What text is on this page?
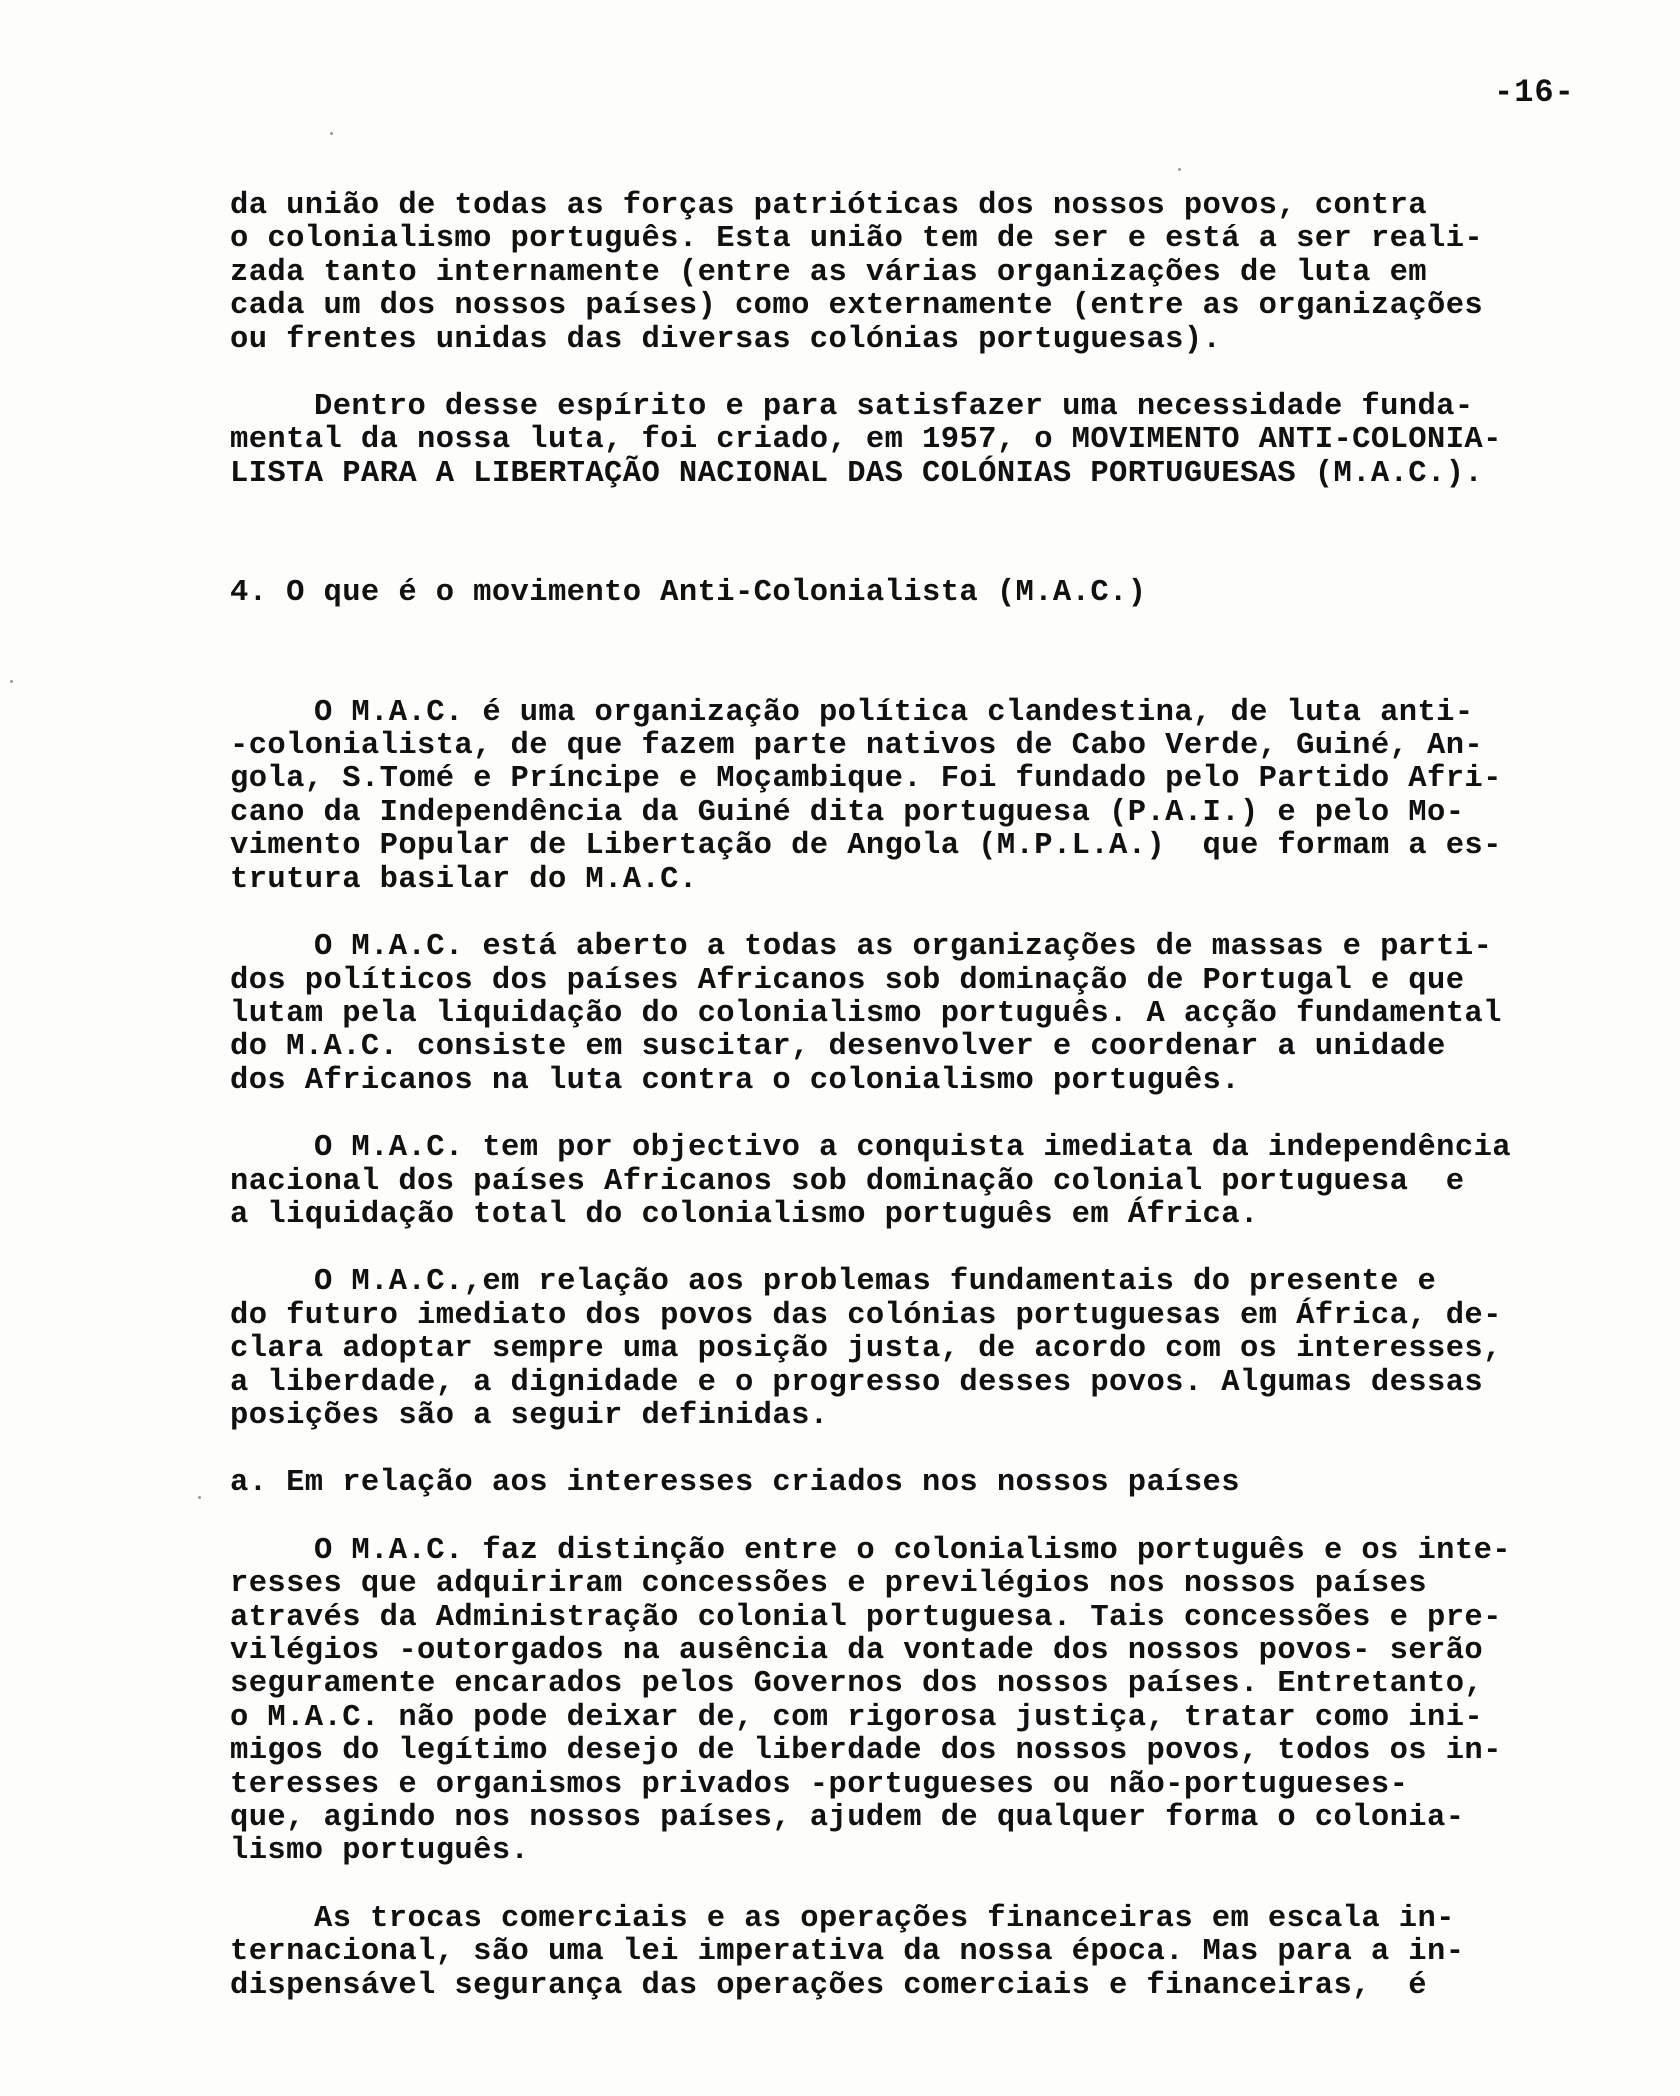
-16-

da união de todas as forças patrióticas dos nossos povos, contra

o colonialismo português. Esta união tem de ser e está a ser reali-

zada tanto internamente (entre as várias organizações de luta em

cada um dos nossos países) como externamente (entre as organizações

ou frentes unidas das diversas colónias portuguesas).

Dentro desse espírito e para satisfazer uma necessidade funda-

mental da nossa luta, foi criado, em 1957, o MOVIMENTO ANTI-COLONIA-

LISTA PARA A LIBERTAÇÃO NACIONAL DAS COLÓNIAS PORTUGUESAS (M.A.C.).

4. O que é o movimento Anti-Colonialista (M.A.C.)

O M.A.C. é uma organização política clandestina, de luta anti-

-colonialista, de que fazem parte nativos de Cabo Verde, Guiné, An-

gola, S.Tomé e Príncipe e Moçambique. Foi fundado pelo Partido Afri-

cano da Independência da Guiné dita portuguesa (P.A.I.) e pelo Mo-

vimento Popular de Libertação de Angola (M.P.L.A.)  que formam a es-

trutura basilar do M.A.C.

O M.A.C. está aberto a todas as organizações de massas e parti-

dos políticos dos países Africanos sob dominação de Portugal e que

lutam pela liquidação do colonialismo português. A acção fundamental

do M.A.C. consiste em suscitar, desenvolver e coordenar a unidade

dos Africanos na luta contra o colonialismo português.

O M.A.C. tem por objectivo a conquista imediata da independência

nacional dos países Africanos sob dominação colonial portuguesa  e

a liquidação total do colonialismo português em África.

O M.A.C.,em relação aos problemas fundamentais do presente e

do futuro imediato dos povos das colónias portuguesas em África, de-

clara adoptar sempre uma posição justa, de acordo com os interesses,

a liberdade, a dignidade e o progresso desses povos. Algumas dessas

posições são a seguir definidas.

a. Em relação aos interesses criados nos nossos países

O M.A.C. faz distinção entre o colonialismo português e os inte-

resses que adquiriram concessões e previlégios nos nossos países

através da Administração colonial portuguesa. Tais concessões e pre-

vilégios -outorgados na ausência da vontade dos nossos povos- serão

seguramente encarados pelos Governos dos nossos países. Entretanto,

o M.A.C. não pode deixar de, com rigorosa justiça, tratar como ini-

migos do legítimo desejo de liberdade dos nossos povos, todos os in-

teresses e organismos privados -portugueses ou não-portugueses-

que, agindo nos nossos países, ajudem de qualquer forma o colonia-

lismo português.

As trocas comerciais e as operações financeiras em escala in-

ternacional, são uma lei imperativa da nossa época. Mas para a in-

dispensável segurança das operações comerciais e financeiras,  é
